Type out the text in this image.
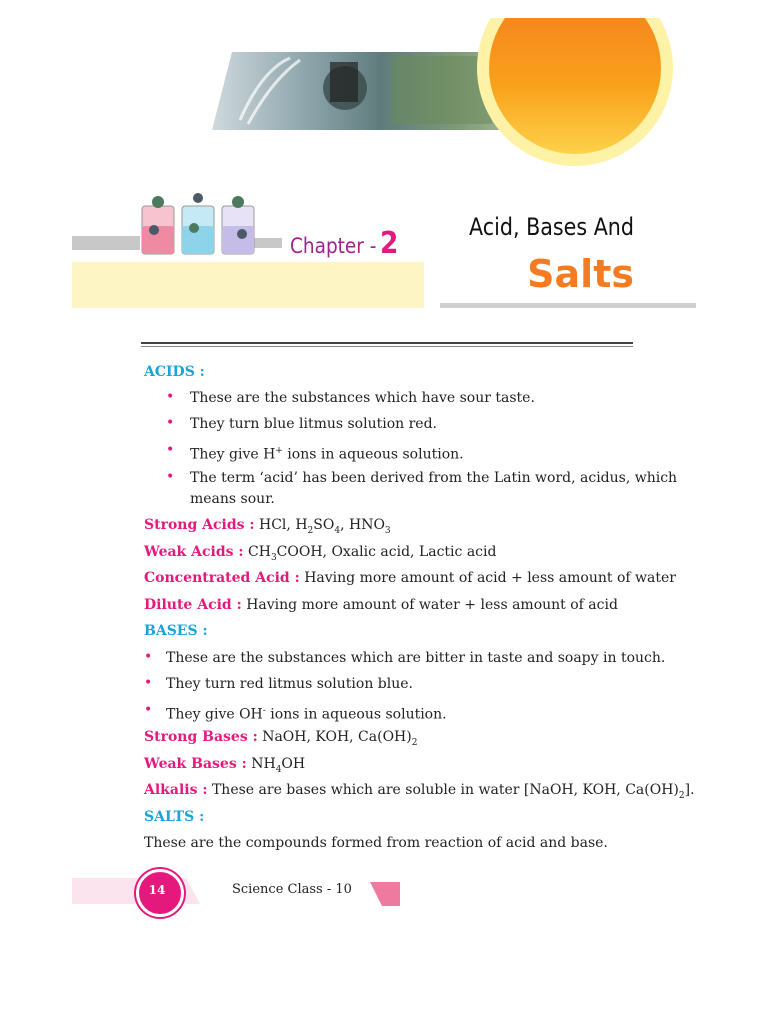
Chapter - 2	Acid, Bases And
Salts
ACIDS :
• These are the substances which have sour taste.
• They turn blue litmus solution red.
• They give H+ ions in aqueous solution.
• The term ‘acid’ has been derived from the Latin word, acidus, which
means sour.
Strong Acids : HCl, $H_2SO_4$, $HNO_3$
Weak Acids : $CH_3COOH$, Oxalic acid, Lactic acid
Concentrated Acid : Having more amount of acid + less amount of water
Dilute Acid : Having more amount of water + less amount of acid
BASES :
• These are the substances which are bitter in taste and soapy in touch.
• They turn red litmus solution blue.
• They give OH- ions in aqueous solution.
Strong Bases : NaOH, KOH, $Ca(OH)_2$
Weak Bases : $NH_4OH$
Alkalis : These are bases which are soluble in water [NaOH, KOH, $Ca(OH)_2$].
SALTS :
These are the compounds formed from reaction of acid and base.
14	Science Class - 10
